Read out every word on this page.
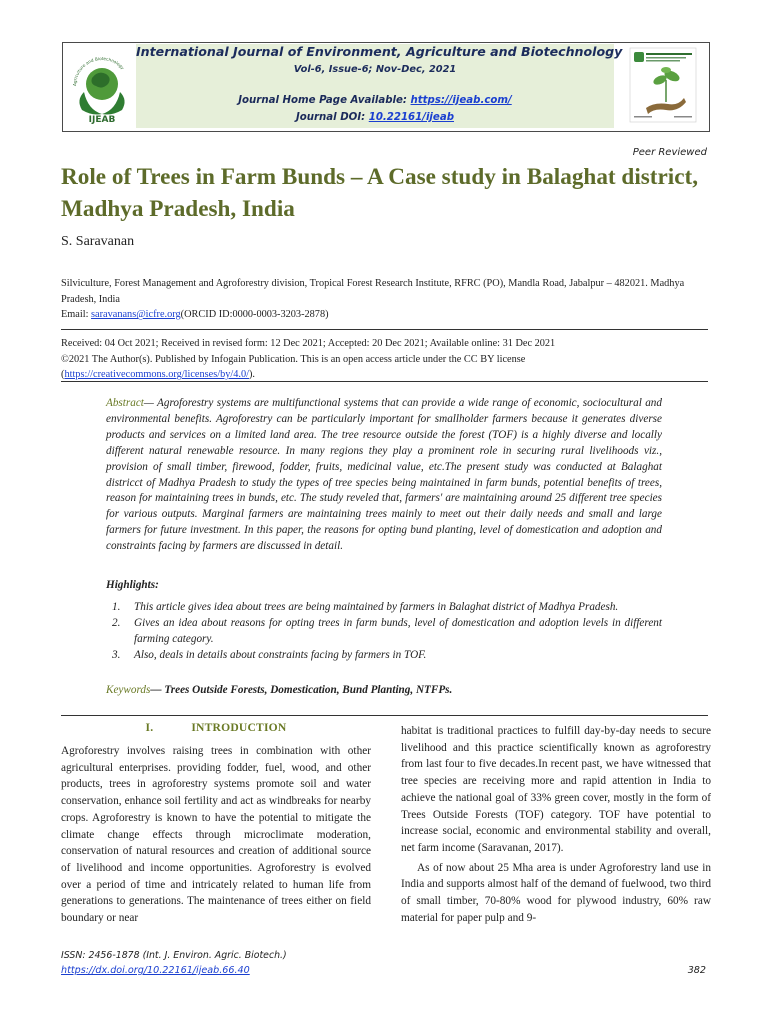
Agriculture and Biotechnology
IJEAB
International Journal of Environment, Agriculture and Biotechnology
Vol-6, Issue-6; Nov-Dec, 2021
Journal Home Page Available: https://ijeab.com/
Journal DOI: 10.22161/ijeab
Peer Reviewed
Role of Trees in Farm Bunds – A Case study in Balaghat district, Madhya Pradesh, India
S. Saravanan
Silviculture, Forest Management and Agroforestry division, Tropical Forest Research Institute, RFRC (PO), Mandla Road, Jabalpur – 482021. Madhya Pradesh, India
Email: saravanans@icfre.org(ORCID ID:0000-0003-3203-2878)
Received: 04 Oct 2021; Received in revised form: 12 Dec 2021; Accepted: 20 Dec 2021; Available online: 31 Dec 2021
©2021 The Author(s). Published by Infogain Publication. This is an open access article under the CC BY license
(https://creativecommons.org/licenses/by/4.0/).

Abstract— Agroforestry systems are multifunctional systems that can provide a wide range of economic, sociocultural and environmental benefits. Agroforestry can be particularly important for smallholder farmers because it generates diverse products and services on a limited land area. The tree resource outside the forest (TOF) is a highly diverse and locally different natural renewable resource. In many regions they play a prominent role in securing rural livelihoods viz., provision of small timber, firewood, fodder, fruits, medicinal value, etc.The present study was conducted at Balaghat districct of Madhya Pradesh to study the types of tree species being maintained in farm bunds, potential benefits of trees, reason for maintaining trees in bunds, etc. The study reveled that, farmers' are maintaining around 25 different tree species for various outputs. Marginal farmers are maintaining trees mainly to meet out their daily needs and small and large farmers for future investment. In this paper, the reasons for opting bund planting, level of domestication and adoption and constraints facing by farmers are discussed in detail.

Highlights:
1. This article gives idea about trees are being maintained by farmers in Balaghat district of Madhya Pradesh.
2. Gives an idea about reasons for opting trees in farm bunds, level of domestication and adoption levels in different farming category.
3. Also, deals in details about constraints facing by farmers in TOF.
Keywords— Trees Outside Forests, Domestication, Bund Planting, NTFPs.
I.	INTRODUCTION

Agroforestry involves raising trees in combination with other agricultural enterprises. providing fodder, fuel, wood, and other products, trees in agroforestry systems promote soil and water conservation, enhance soil fertility and act as windbreaks for nearby crops. Agroforestry is known to have the potential to mitigate the climate change effects through microclimate moderation, conservation of natural resources and creation of additional source of livelihood and income opportunities. Agroforestry is evolved over a period of time and intricately related to human life from generations to generations. The maintenance of trees either on field boundary or near

habitat is traditional practices to fulfill day-by-day needs to secure livelihood and this practice scientifically known as agroforestry from last four to five decades.In recent past, we have witnessed that tree species are receiving more and rapid attention in India to achieve the national goal of 33% green cover, mostly in the form of Trees Outside Forests (TOF) category. TOF have potential to increase social, economic and environmental stability and overall, net farm income (Saravanan, 2017).

As of now about 25 Mha area is under Agroforestry land use in India and supports almost half of the demand of fuelwood, two third of small timber, 70-80% wood for plywood industry, 60% raw material for paper pulp and 9-

ISSN: 2456-1878 (Int. J. Environ. Agric. Biotech.)
https://dx.doi.org/10.22161/ijeab.66.40	382
